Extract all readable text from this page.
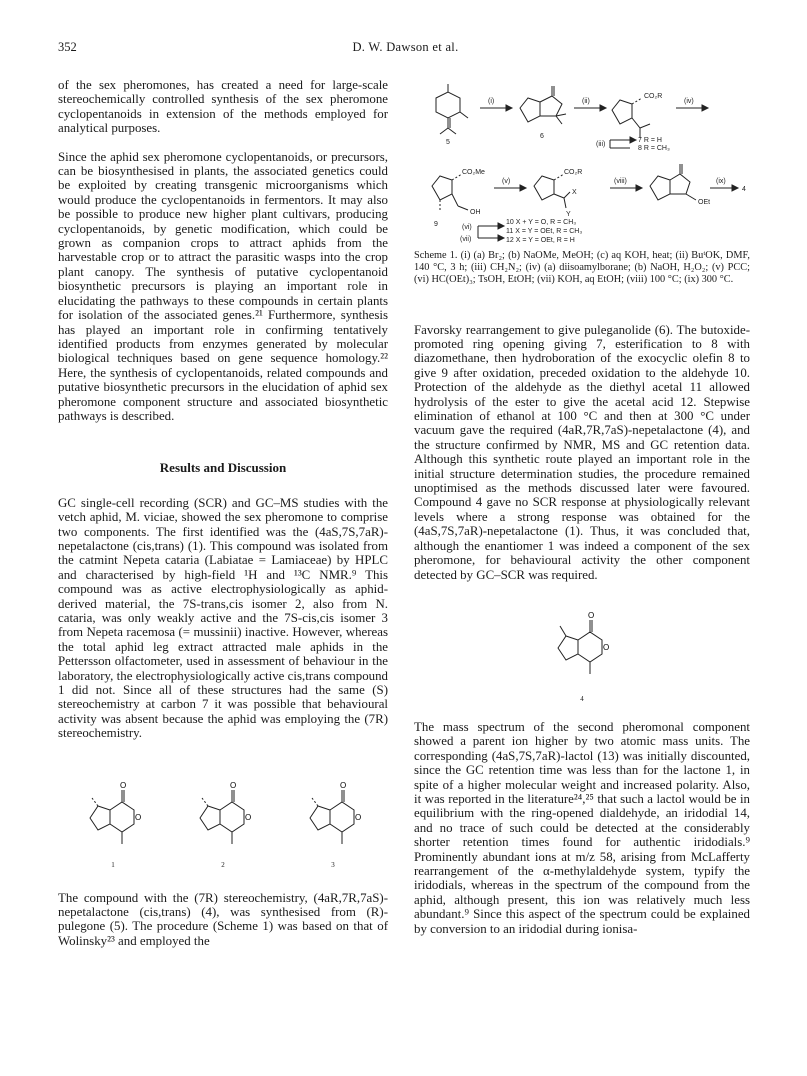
352	D. W. Dawson et al.

of the sex pheromones, has created a need for large-scale stereochemically controlled synthesis of the sex pheromone cyclopentanoids in extension of the methods employed for analytical purposes.

Since the aphid sex pheromone cyclopentanoids, or precursors, can be biosynthesised in plants, the associated genetics could be exploited by creating transgenic microorganisms which would produce the cyclopentanoids in fermentors. It may also be possible to produce new higher plant cultivars, producing cyclopentanoids, by genetic modification, which could be grown as companion crops to attract aphids from the harvestable crop or to attract the parasitic wasps into the crop plant canopy. The synthesis of putative cyclopentanoid biosynthetic precursors is playing an important role in elucidating the pathways to these compounds in certain plants for isolation of the associated genes.²¹ Furthermore, synthesis has played an important role in confirming tentatively identified products from enzymes generated by molecular biological techniques based on gene sequence homology.²² Here, the synthesis of cyclopentanoids, related compounds and putative biosynthetic precursors in the elucidation of aphid sex pheromone component structure and associated biosynthetic pathways is described.

Results and Discussion

GC single-cell recording (SCR) and GC–MS studies with the vetch aphid, M. viciae, showed the sex pheromone to comprise two components. The first identified was the (4aS,7S,7aR)-nepetalactone (cis,trans) (1). This compound was isolated from the catmint Nepeta cataria (Labiatae = Lamiaceae) by HPLC and characterised by high-field ¹H and ¹³C NMR.⁹ This compound was as active electrophysiologically as aphid-derived material, the 7S-trans,cis isomer 2, also from N. cataria, was only weakly active and the 7S-cis,cis isomer 3 from Nepeta racemosa (= mussinii) inactive. However, whereas the total aphid leg extract attracted male aphids in the Pettersson olfactometer, used in assessment of behaviour in the laboratory, the electrophysiologically active cis,trans compound 1 did not. Since all of these structures had the same (S) stereochemistry at carbon 7 it was possible that behavioural activity was absent because the aphid was employing the (7R) stereochemistry.

O
O
1
O
O
2
O
O
3

The compound with the (7R) stereochemistry, (4aR,7R,7aS)-nepetalactone (cis,trans) (4), was synthesised from (R)-pulegone (5). The procedure (Scheme 1) was based on that of Wolinsky²³ and employed the

5
6
9
4
(i)	(ii)	(iv)
(iii)
(v)	(viii)	(ix)
(vi)
(vii)
CO₂R
CO₂Me	CO₂R
OH
OEt
X
Y
7 R = H
8 R = CH₃
10 X + Y = O, R = CH₃
11 X = Y = OEt, R = CH₃
12 X = Y = OEt, R = H

Scheme 1. (i) (a) Br₂; (b) NaOMe, MeOH; (c) aq KOH, heat; (ii) BuᵗOK, DMF, 140 °C, 3 h; (iii) CH₂N₂; (iv) (a) diisoamylborane; (b) NaOH, H₂O₂; (v) PCC; (vi) HC(OEt)₃; TsOH, EtOH; (vii) KOH, aq EtOH; (viii) 100 °C; (ix) 300 °C.

Favorsky rearrangement to give puleganolide (6). The butoxide-promoted ring opening giving 7, esterification to 8 with diazomethane, then hydroboration of the exocyclic olefin 8 to give 9 after oxidation, preceded oxidation to the aldehyde 10. Protection of the aldehyde as the diethyl acetal 11 allowed hydrolysis of the ester to give the acetal acid 12. Stepwise elimination of ethanol at 100 °C and then at 300 °C under vacuum gave the required (4aR,7R,7aS)-nepetalactone (4), and the structure confirmed by NMR, MS and GC retention data. Although this synthetic route played an important role in the initial structure determination studies, the procedure remained unoptimised as the methods discussed later were favoured. Compound 4 gave no SCR response at physiologically relevant levels where a strong response was obtained for the (4aS,7S,7aR)-nepetalactone (1). Thus, it was concluded that, although the enantiomer 1 was indeed a component of the sex pheromone, for behavioural activity the other component detected by GC–SCR was required.

O
O
4

The mass spectrum of the second pheromonal component showed a parent ion higher by two atomic mass units. The corresponding (4aS,7S,7aR)-lactol (13) was initially discounted, since the GC retention time was less than for the lactone 1, in spite of a higher molecular weight and increased polarity. Also, it was reported in the literature²⁴,²⁵ that such a lactol would be in equilibrium with the ring-opened dialdehyde, an iridodial 14, and no trace of such could be detected at the considerably shorter retention times found for authentic iridodials.⁹ Prominently abundant ions at m/z 58, arising from McLafferty rearrangement of the α-methylaldehyde system, typify the iridodials, whereas in the spectrum of the compound from the aphid, although present, this ion was relatively much less abundant.⁹ Since this aspect of the spectrum could be explained by conversion to an iridodial during ionisa-
